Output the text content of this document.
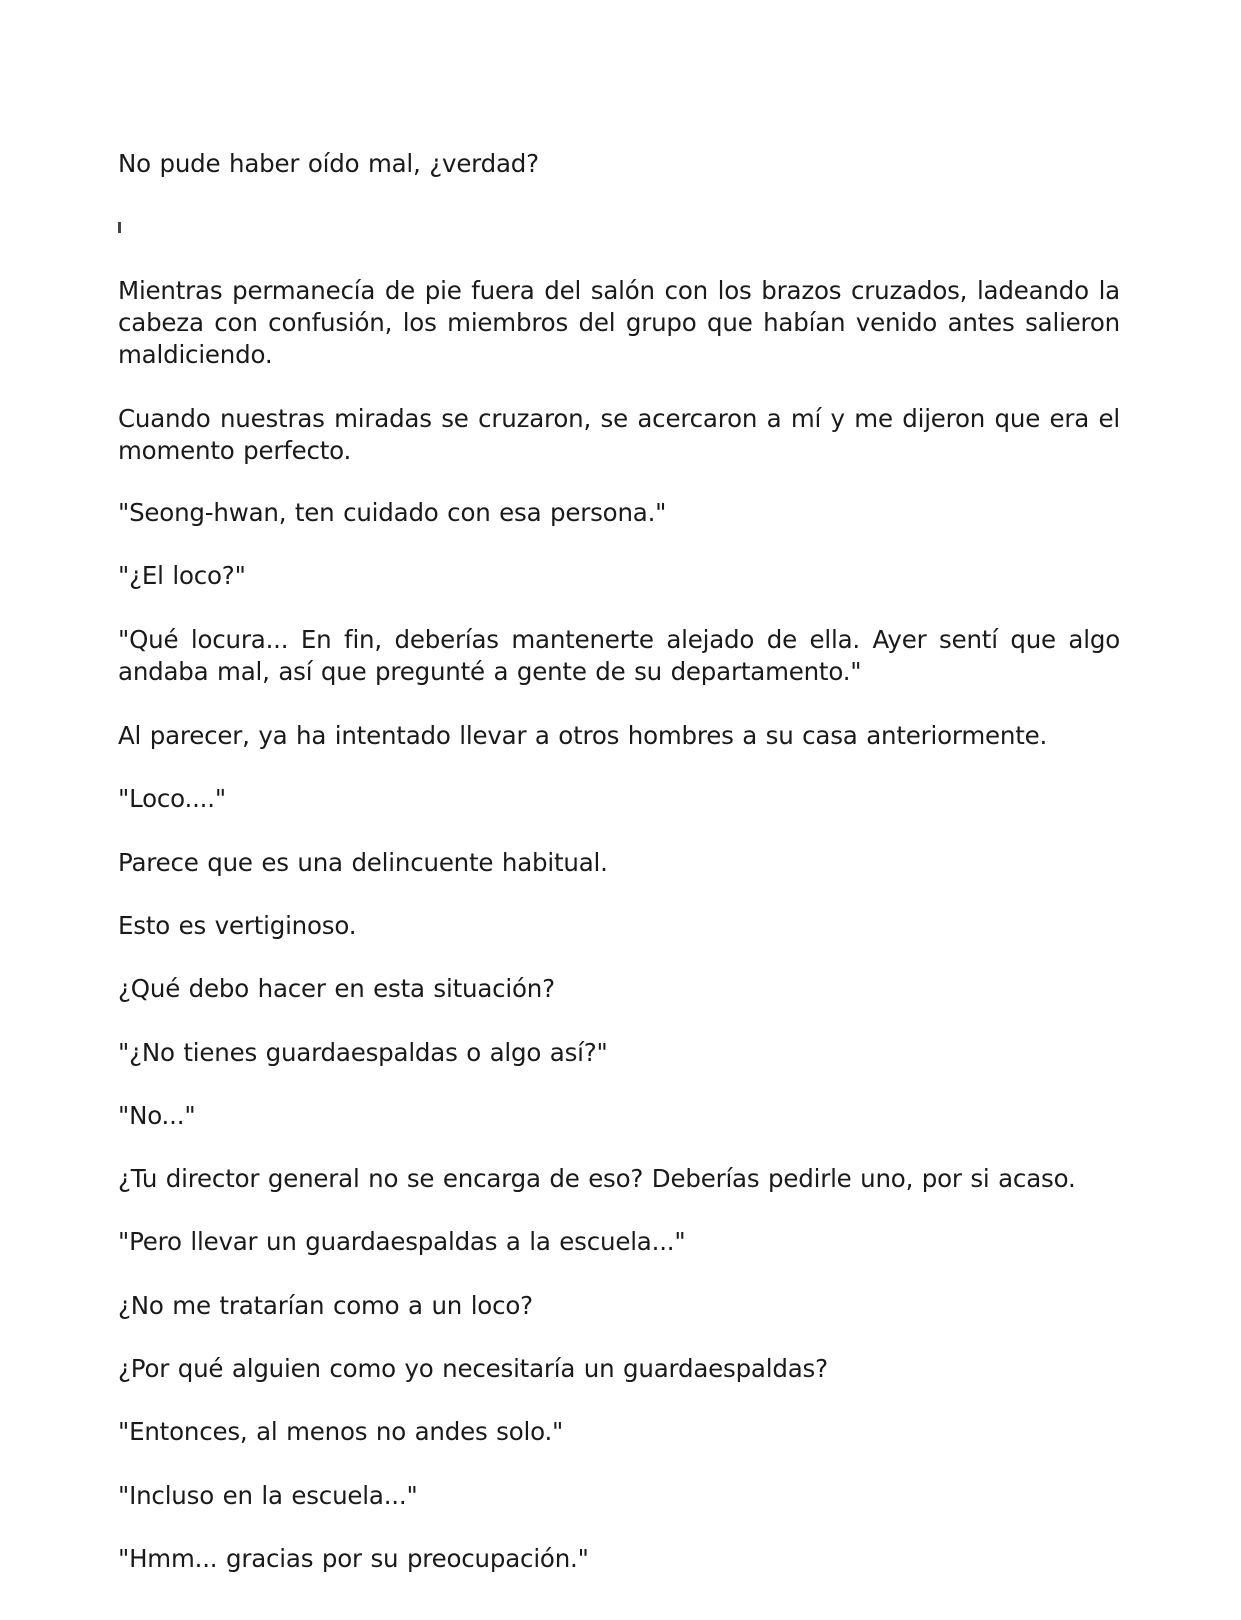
No pude haber oído mal, ¿verdad?

Mientras permanecía de pie fuera del salón con los brazos cruzados, ladeando la cabeza con confusión, los miembros del grupo que habían venido antes salieron maldiciendo.

Cuando nuestras miradas se cruzaron, se acercaron a mí y me dijeron que era el momento perfecto.

"Seong-hwan, ten cuidado con esa persona."

"¿El loco?"

"Qué locura... En fin, deberías mantenerte alejado de ella. Ayer sentí que algo andaba mal, así que pregunté a gente de su departamento."

Al parecer, ya ha intentado llevar a otros hombres a su casa anteriormente.

"Loco...."

Parece que es una delincuente habitual.

Esto es vertiginoso.

¿Qué debo hacer en esta situación?

"¿No tienes guardaespaldas o algo así?"

"No..."

¿Tu director general no se encarga de eso? Deberías pedirle uno, por si acaso.

"Pero llevar un guardaespaldas a la escuela..."

¿No me tratarían como a un loco?

¿Por qué alguien como yo necesitaría un guardaespaldas?

"Entonces, al menos no andes solo."

"Incluso en la escuela..."

"Hmm... gracias por su preocupación."
